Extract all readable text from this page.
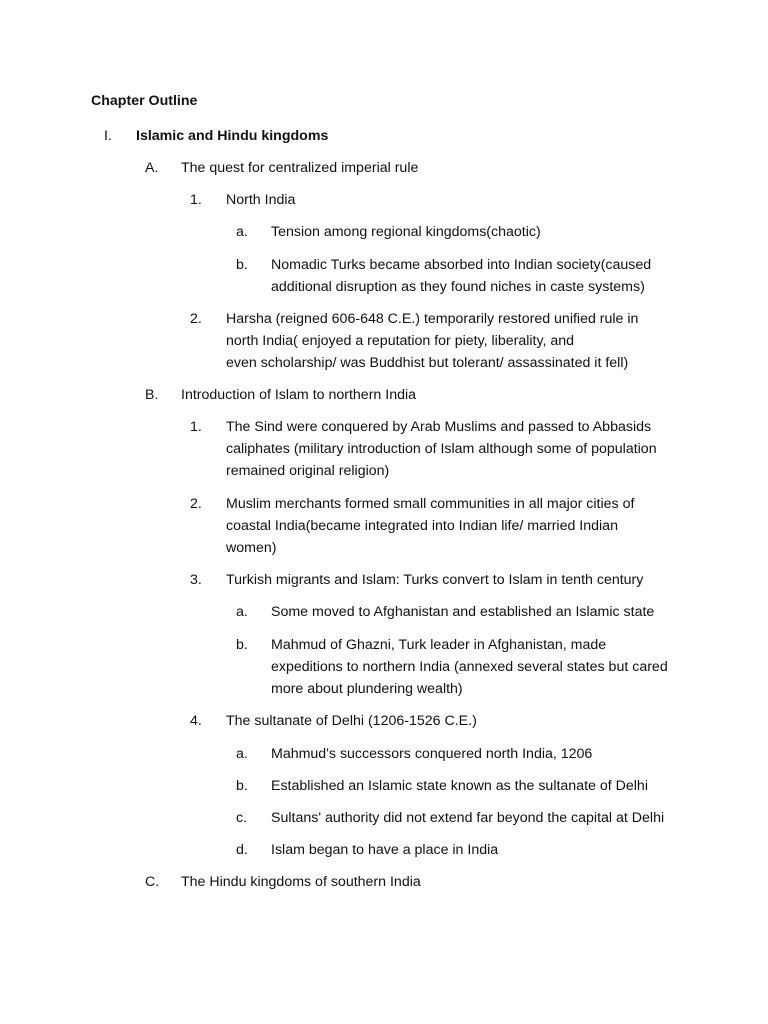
Chapter Outline
I. Islamic and Hindu kingdoms
A. The quest for centralized imperial rule
1. North India
a. Tension among regional kingdoms(chaotic)
b. Nomadic Turks became absorbed into Indian society(caused
additional disruption as they found niches in caste systems)
2. Harsha (reigned 606-648 C.E.) temporarily restored unified rule in
north India( enjoyed a reputation for piety, liberality, and
even scholarship/ was Buddhist but tolerant/ assassinated it fell)
B. Introduction of Islam to northern India
1. The Sind were conquered by Arab Muslims and passed to Abbasids
caliphates (military introduction of Islam although some of population
remained original religion)
2. Muslim merchants formed small communities in all major cities of
coastal India(became integrated into Indian life/ married Indian
women)
3. Turkish migrants and Islam: Turks convert to Islam in tenth century
a. Some moved to Afghanistan and established an Islamic state
b. Mahmud of Ghazni, Turk leader in Afghanistan, made
expeditions to northern India (annexed several states but cared
more about plundering wealth)
4. The sultanate of Delhi (1206-1526 C.E.)
a. Mahmud's successors conquered north India, 1206
b. Established an Islamic state known as the sultanate of Delhi
c. Sultans' authority did not extend far beyond the capital at Delhi
d. Islam began to have a place in India
C. The Hindu kingdoms of southern India
